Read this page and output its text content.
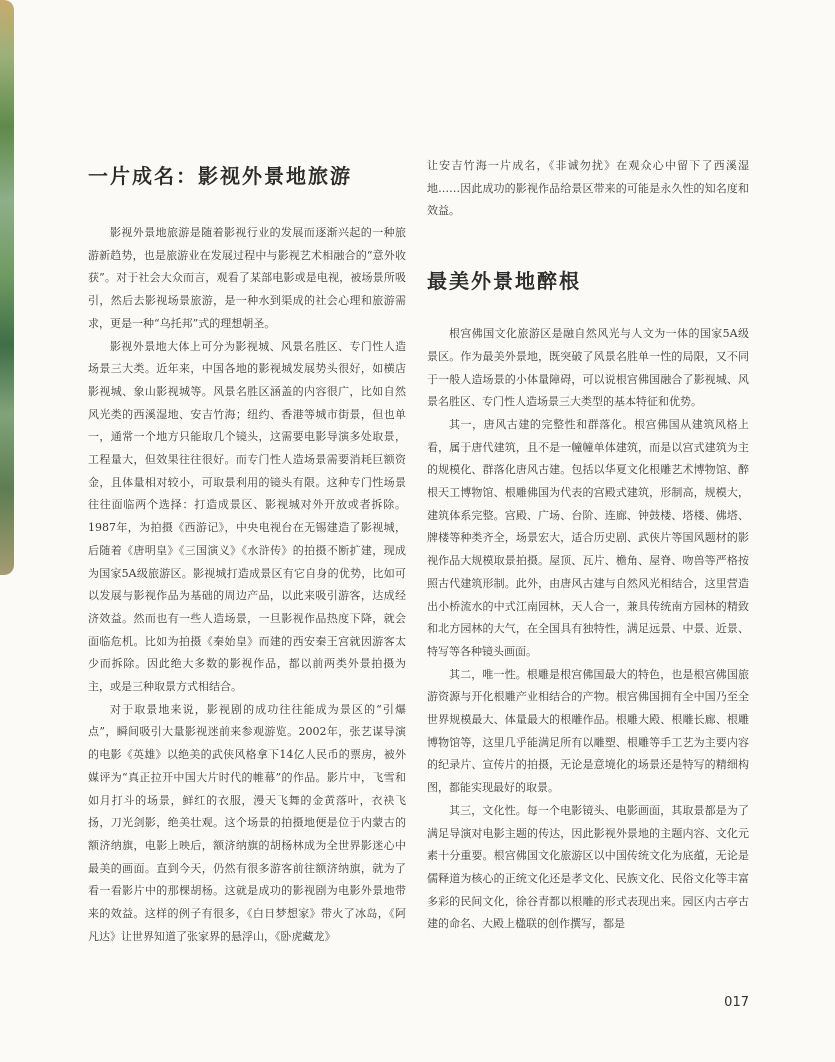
一片成名：影视外景地旅游

影视外景地旅游是随着影视行业的发展而逐渐兴起的一种旅游新趋势，也是旅游业在发展过程中与影视艺术相融合的“意外收获”。对于社会大众而言，观看了某部电影或是电视，被场景所吸引，然后去影视场景旅游，是一种水到渠成的社会心理和旅游需求，更是一种“乌托邦”式的理想朝圣。

影视外景地大体上可分为影视城、风景名胜区、专门性人造场景三大类。近年来，中国各地的影视城发展势头很好，如横店影视城、象山影视城等。风景名胜区涵盖的内容很广，比如自然风光类的西溪湿地、安吉竹海；纽约、香港等城市街景，但也单一，通常一个地方只能取几个镜头，这需要电影导演多处取景，工程量大，但效果往往很好。而专门性人造场景需要消耗巨额资金，且体量相对较小，可取景利用的镜头有限。这种专门性场景往往面临两个选择：打造成景区、影视城对外开放或者拆除。1987年，为拍摄《西游记》，中央电视台在无锡建造了影视城，后随着《唐明皇》《三国演义》《水浒传》的拍摄不断扩建，现成为国家5A级旅游区。影视城打造成景区有它自身的优势，比如可以发展与影视作品为基础的周边产品，以此来吸引游客，达成经济效益。然而也有一些人造场景，一旦影视作品热度下降，就会面临危机。比如为拍摄《秦始皇》而建的西安秦王宫就因游客太少而拆除。因此绝大多数的影视作品，都以前两类外景拍摄为主，或是三种取景方式相结合。

对于取景地来说，影视剧的成功往往能成为景区的“引爆点”，瞬间吸引大量影视迷前来参观游览。2002年，张艺谋导演的电影《英雄》以绝美的武侠风格拿下14亿人民币的票房，被外媒评为“真正拉开中国大片时代的帷幕”的作品。影片中，飞雪和如月打斗的场景，鲜红的衣服，漫天飞舞的金黄落叶，衣袂飞扬，刀光剑影，绝美壮观。这个场景的拍摄地便是位于内蒙古的额济纳旗，电影上映后，额济纳旗的胡杨林成为全世界影迷心中最美的画面。直到今天，仍然有很多游客前往额济纳旗，就为了看一看影片中的那棵胡杨。这就是成功的影视剧为电影外景地带来的效益。这样的例子有很多，《白日梦想家》带火了冰岛，《阿凡达》让世界知道了张家界的悬浮山，《卧虎藏龙》

让安吉竹海一片成名，《非诚勿扰》在观众心中留下了西溪湿地……因此成功的影视作品给景区带来的可能是永久性的知名度和效益。

最美外景地醉根

根宫佛国文化旅游区是融自然风光与人文为一体的国家5A级景区。作为最美外景地，既突破了风景名胜单一性的局限，又不同于一般人造场景的小体量障碍，可以说根宫佛国融合了影视城、风景名胜区、专门性人造场景三大类型的基本特征和优势。

其一，唐风古建的完整性和群落化。根宫佛国从建筑风格上看，属于唐代建筑，且不是一幢幢单体建筑，而是以宫式建筑为主的规模化、群落化唐风古建。包括以华夏文化根雕艺术博物馆、醉根天工博物馆、根雕佛国为代表的宫殿式建筑，形制高，规模大，建筑体系完整。宫殿、广场、台阶、连廊、钟鼓楼、塔楼、佛塔、牌楼等种类齐全，场景宏大，适合历史剧、武侠片等国风题材的影视作品大规模取景拍摄。屋顶、瓦片、檐角、屋脊、吻兽等严格按照古代建筑形制。此外，由唐风古建与自然风光相结合，这里营造出小桥流水的中式江南园林，天人合一，兼具传统南方园林的精致和北方园林的大气，在全国具有独特性，满足远景、中景、近景、特写等各种镜头画面。

其二，唯一性。根雕是根宫佛国最大的特色，也是根宫佛国旅游资源与开化根雕产业相结合的产物。根宫佛国拥有全中国乃至全世界规模最大、体量最大的根雕作品。根雕大殿、根雕长廊、根雕博物馆等，这里几乎能满足所有以雕塑、根雕等手工艺为主要内容的纪录片、宣传片的拍摄，无论是意境化的场景还是特写的精细构图，都能实现最好的取景。

其三，文化性。每一个电影镜头、电影画面，其取景都是为了满足导演对电影主题的传达，因此影视外景地的主题内容、文化元素十分重要。根宫佛国文化旅游区以中国传统文化为底蕴，无论是儒释道为核心的正统文化还是孝文化、民族文化、民俗文化等丰富多彩的民间文化，徐谷青都以根雕的形式表现出来。园区内古亭古建的命名、大殿上楹联的创作撰写，都是

017
